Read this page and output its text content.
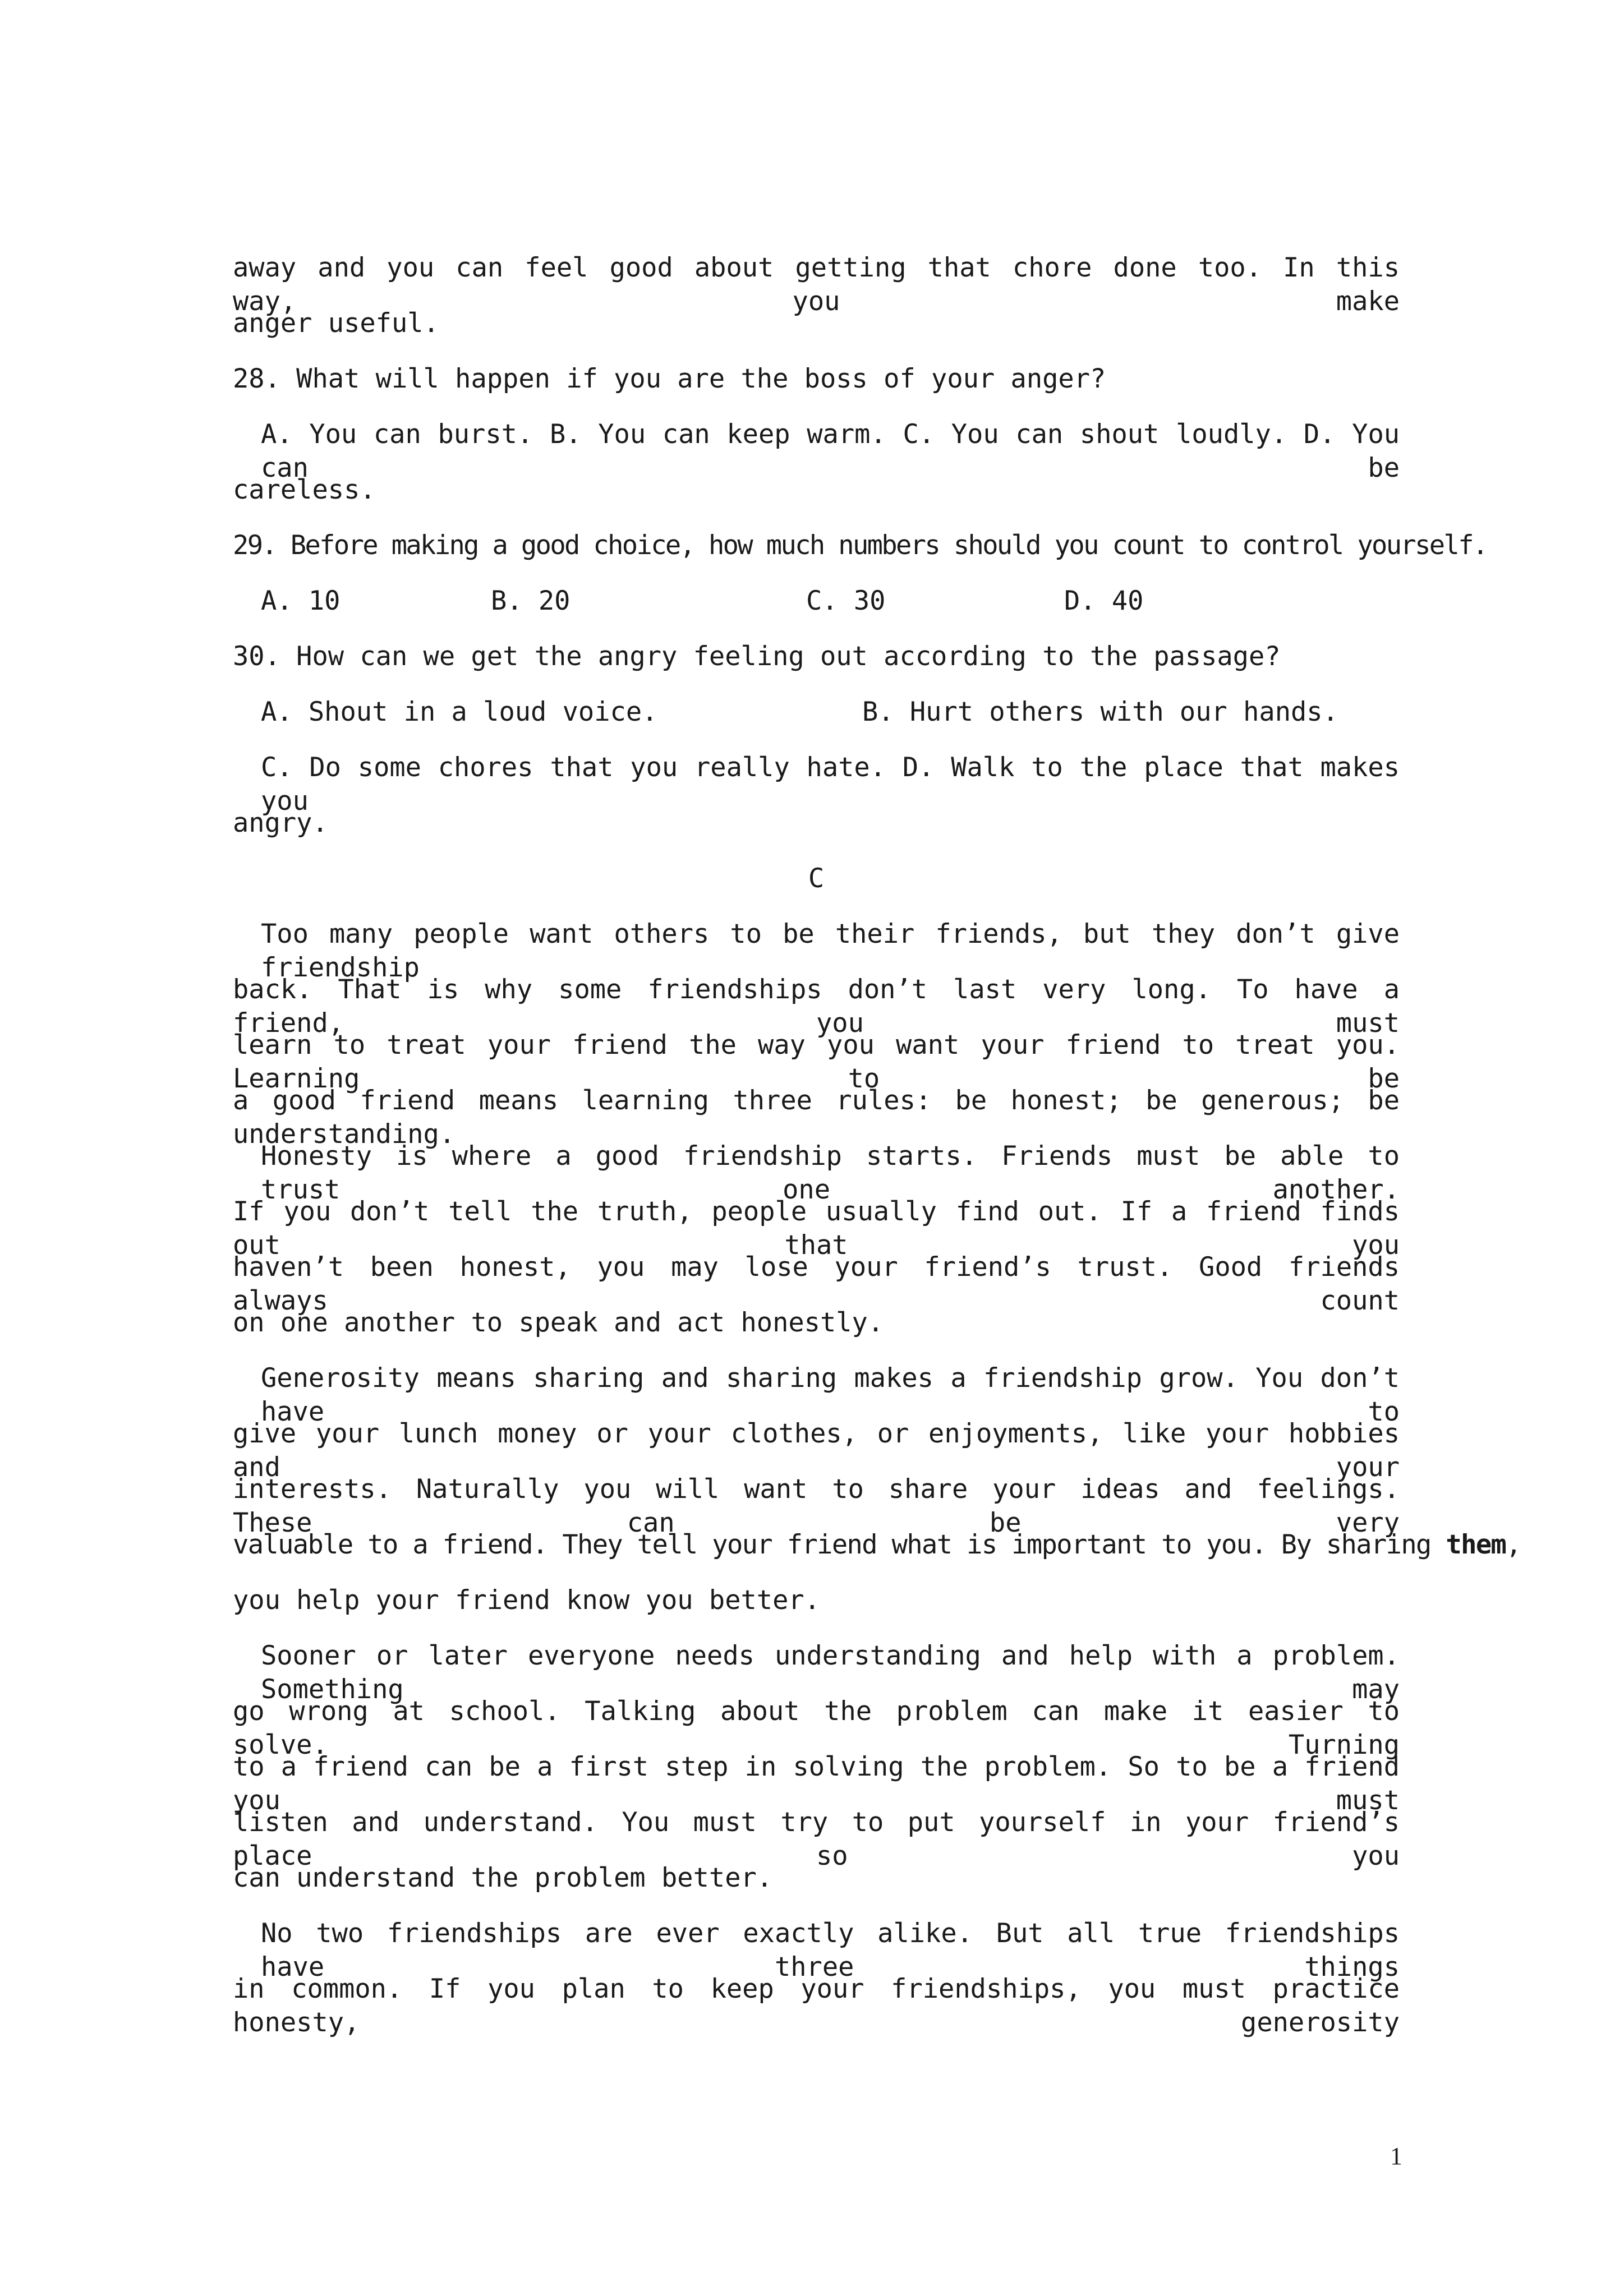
away and you can feel good about getting that chore done too. In this way, you make
anger useful.
28. What will happen if you are the boss of your anger?
A. You can burst. B. You can keep warm. C. You can shout loudly. D. You can be
careless.
29. Before making a good choice, how much numbers should you count to control yourself.
A. 10	B. 20	C. 30	D. 40
30. How can we get the angry feeling out according to the passage?
A. Shout in a loud voice.	B. Hurt others with our hands.
C. Do some chores that you really hate. D. Walk to the place that makes you
angry.
C
Too many people want others to be their friends, but they don’t give friendship
back. That is why some friendships don’t last very long. To have a friend, you must
learn to treat your friend the way you want your friend to treat you. Learning to be
a good friend means learning three rules: be honest; be generous; be understanding.
Honesty is where a good friendship starts. Friends must be able to trust one another.
If you don’t tell the truth, people usually find out. If a friend finds out that you
haven’t been honest, you may lose your friend’s trust. Good friends always count
on one another to speak and act honestly.
Generosity means sharing and sharing makes a friendship grow. You don’t have to
give your lunch money or your clothes, or enjoyments, like your hobbies and your
interests. Naturally you will want to share your ideas and feelings. These can be very
valuable to a friend. They tell your friend what is important to you. By sharing them,
you help your friend know you better.
Sooner or later everyone needs understanding and help with a problem. Something may
go wrong at school. Talking about the problem can make it easier to solve. Turning
to a friend can be a first step in solving the problem. So to be a friend you must
listen and understand. You must try to put yourself in your friend’s place so you
can understand the problem better.
No two friendships are ever exactly alike. But all true friendships have three things
in common. If you plan to keep your friendships, you must practice honesty, generosity
1
